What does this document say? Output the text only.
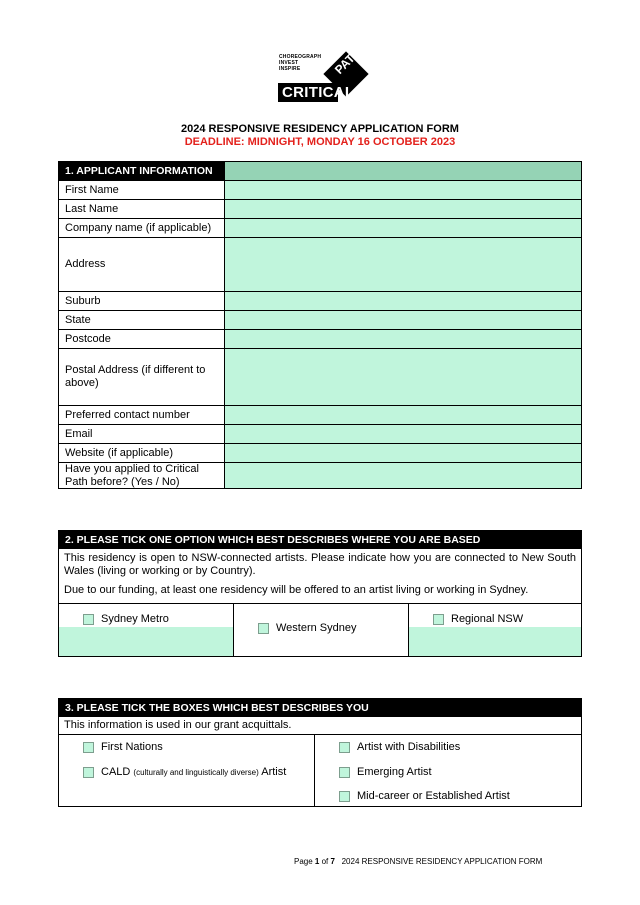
CHOREOGRAPH
INVEST
INSPIRE	PATH
CRITICAL
2024 RESPONSIVE RESIDENCY APPLICATION FORM
DEADLINE: MIDNIGHT, MONDAY 16 OCTOBER 2023
1. APPLICANT INFORMATION
First Name
Last Name
Company name (if applicable)
Address
Suburb
State
Postcode
Postal Address (if different to above)
Preferred contact number
Email
Website (if applicable)
Have you applied to Critical Path before? (Yes / No)
2. PLEASE TICK ONE OPTION WHICH BEST DESCRIBES WHERE YOU ARE BASED

This residency is open to NSW-connected artists. Please indicate how you are connected to New South Wales (living or working or by Country).

Due to our funding, at least one residency will be offered to an artist living or working in Sydney.

Sydney Metro
Western Sydney
Regional NSW
3. PLEASE TICK THE BOXES WHICH BEST DESCRIBES YOU
This information is used in our grant acquittals.
First Nations
CALD (culturally and linguistically diverse) Artist
Artist with Disabilities
Emerging Artist
Mid-career or Established Artist
Page 1 of 7   2024 RESPONSIVE RESIDENCY APPLICATION FORM
